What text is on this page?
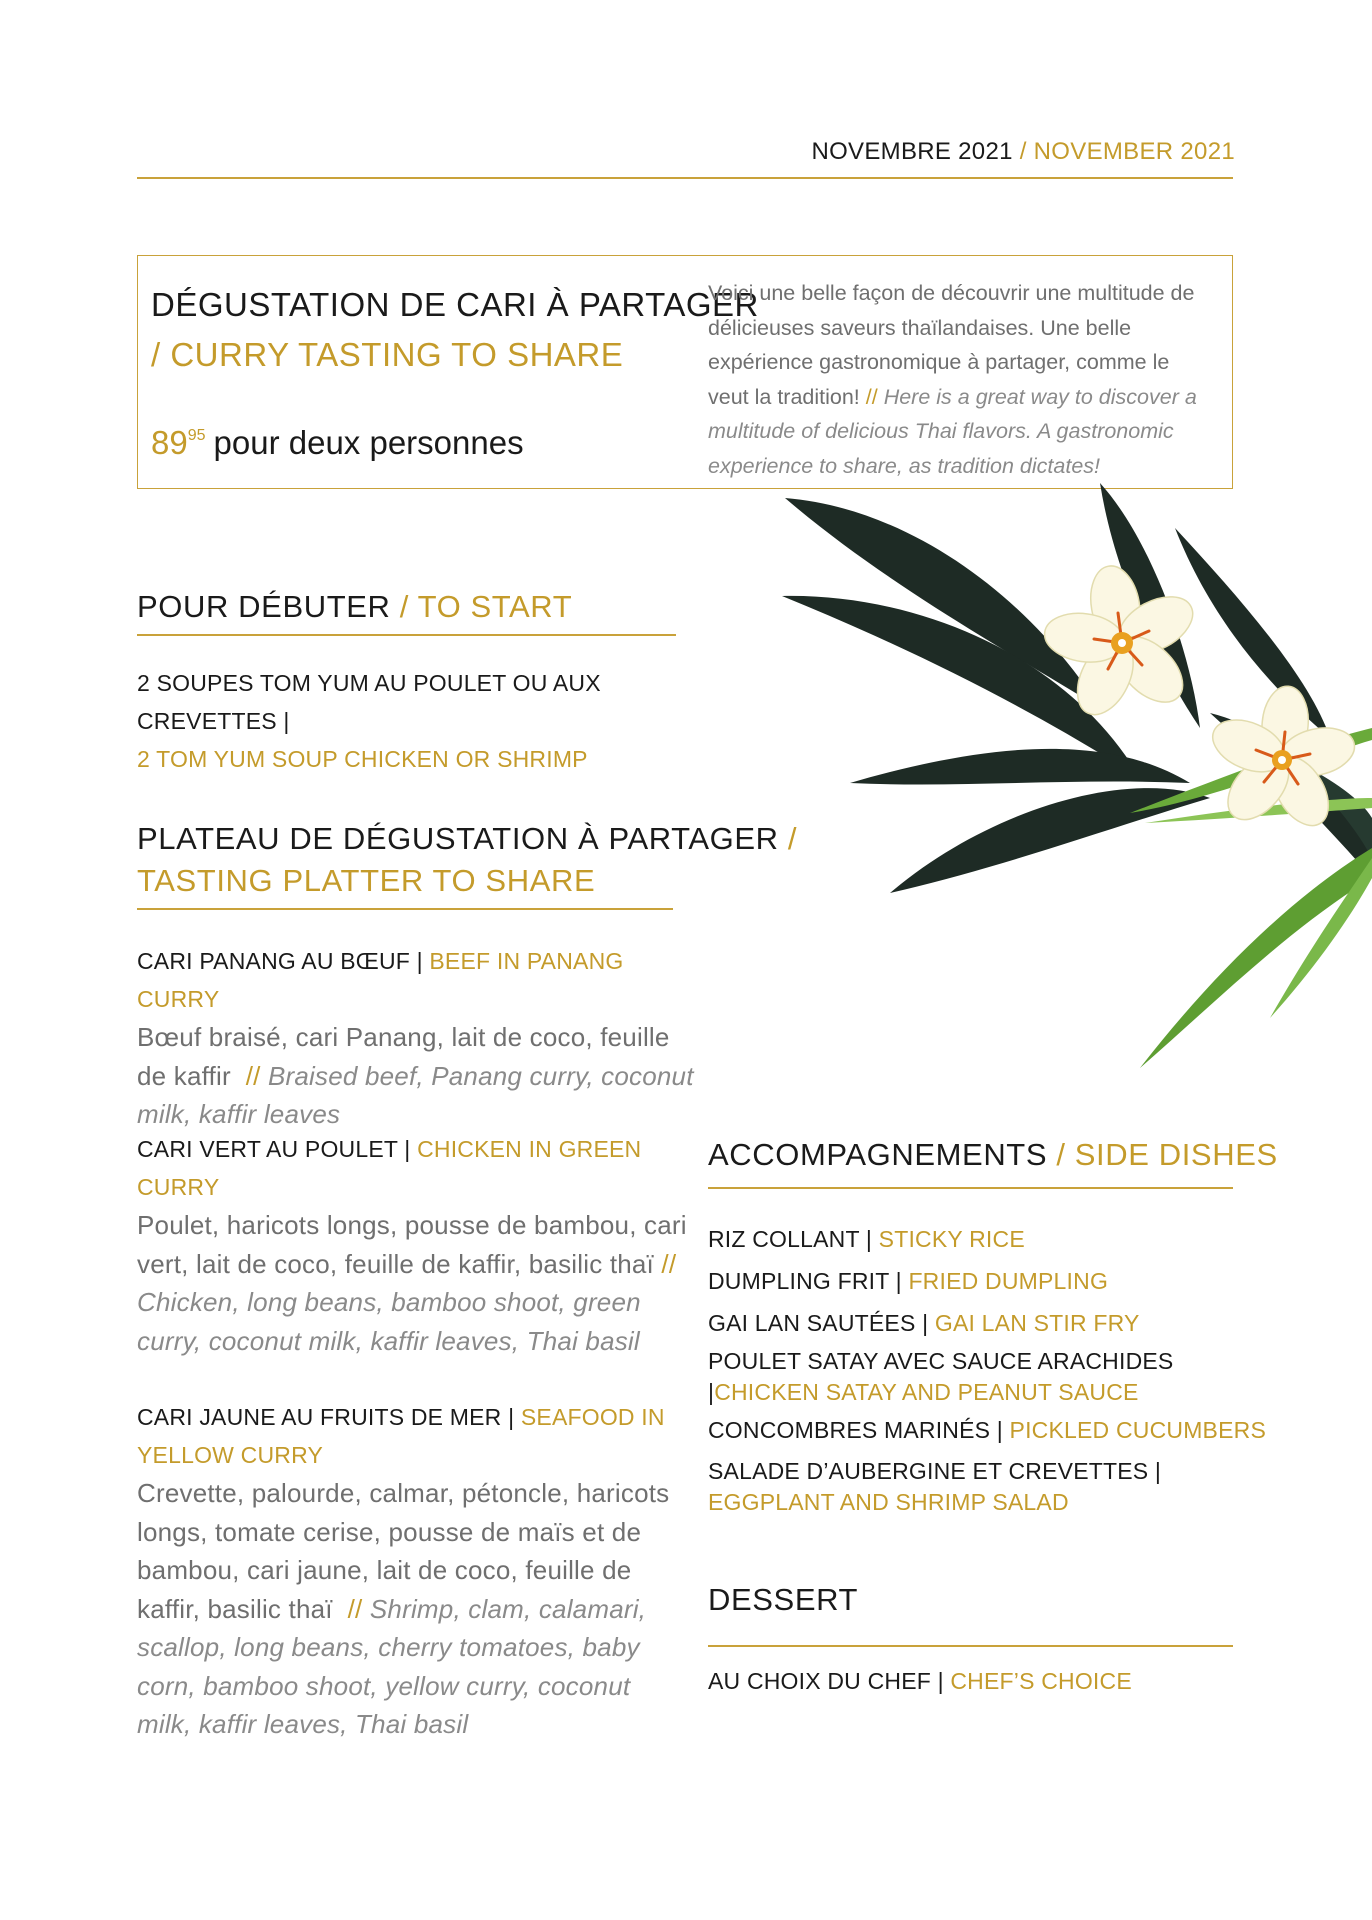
NOVEMBRE 2021 / NOVEMBER 2021
DÉGUSTATION DE CARI À PARTAGER
/ CURRY TASTING TO SHARE
$89^{95}$ pour deux personnes
Voici une belle façon de découvrir une multitude de délicieuses saveurs thaïlandaises. Une belle expérience gastronomique à partager, comme le veut la tradition! // Here is a great way to discover a multitude of delicious Thai flavors. A gastronomic experience to share, as tradition dictates!
POUR DÉBUTER / TO START
2 SOUPES TOM YUM AU POULET OU AUX CREVETTES |
2 TOM YUM SOUP CHICKEN OR SHRIMP
PLATEAU DE DÉGUSTATION À PARTAGER /
TASTING PLATTER TO SHARE
CARI PANANG AU BŒUF | BEEF IN PANANG CURRY
Bœuf braisé, cari Panang, lait de coco, feuille de kaffir // Braised beef, Panang curry, coconut milk, kaffir leaves
CARI VERT AU POULET | CHICKEN IN GREEN CURRY
Poulet, haricots longs, pousse de bambou, cari vert, lait de coco, feuille de kaffir, basilic thaï // Chicken, long beans, bamboo shoot, green curry, coconut milk, kaffir leaves, Thai basil
CARI JAUNE AU FRUITS DE MER | SEAFOOD IN YELLOW CURRY
Crevette, palourde, calmar, pétoncle, haricots longs, tomate cerise, pousse de maïs et de bambou, cari jaune, lait de coco, feuille de kaffir, basilic thaï // Shrimp, clam, calamari, scallop, long beans, cherry tomatoes, baby corn, bamboo shoot, yellow curry, coconut milk, kaffir leaves, Thai basil
ACCOMPAGNEMENTS / SIDE DISHES
RIZ COLLANT | STICKY RICE
DUMPLING FRIT | FRIED DUMPLING
GAI LAN SAUTÉES | GAI LAN STIR FRY
POULET SATAY AVEC SAUCE ARACHIDES |CHICKEN SATAY AND PEANUT SAUCE
CONCOMBRES MARINÉS | PICKLED CUCUMBERS
SALADE D’AUBERGINE ET CREVETTES | EGGPLANT AND SHRIMP SALAD
DESSERT
AU CHOIX DU CHEF | CHEF’S CHOICE
